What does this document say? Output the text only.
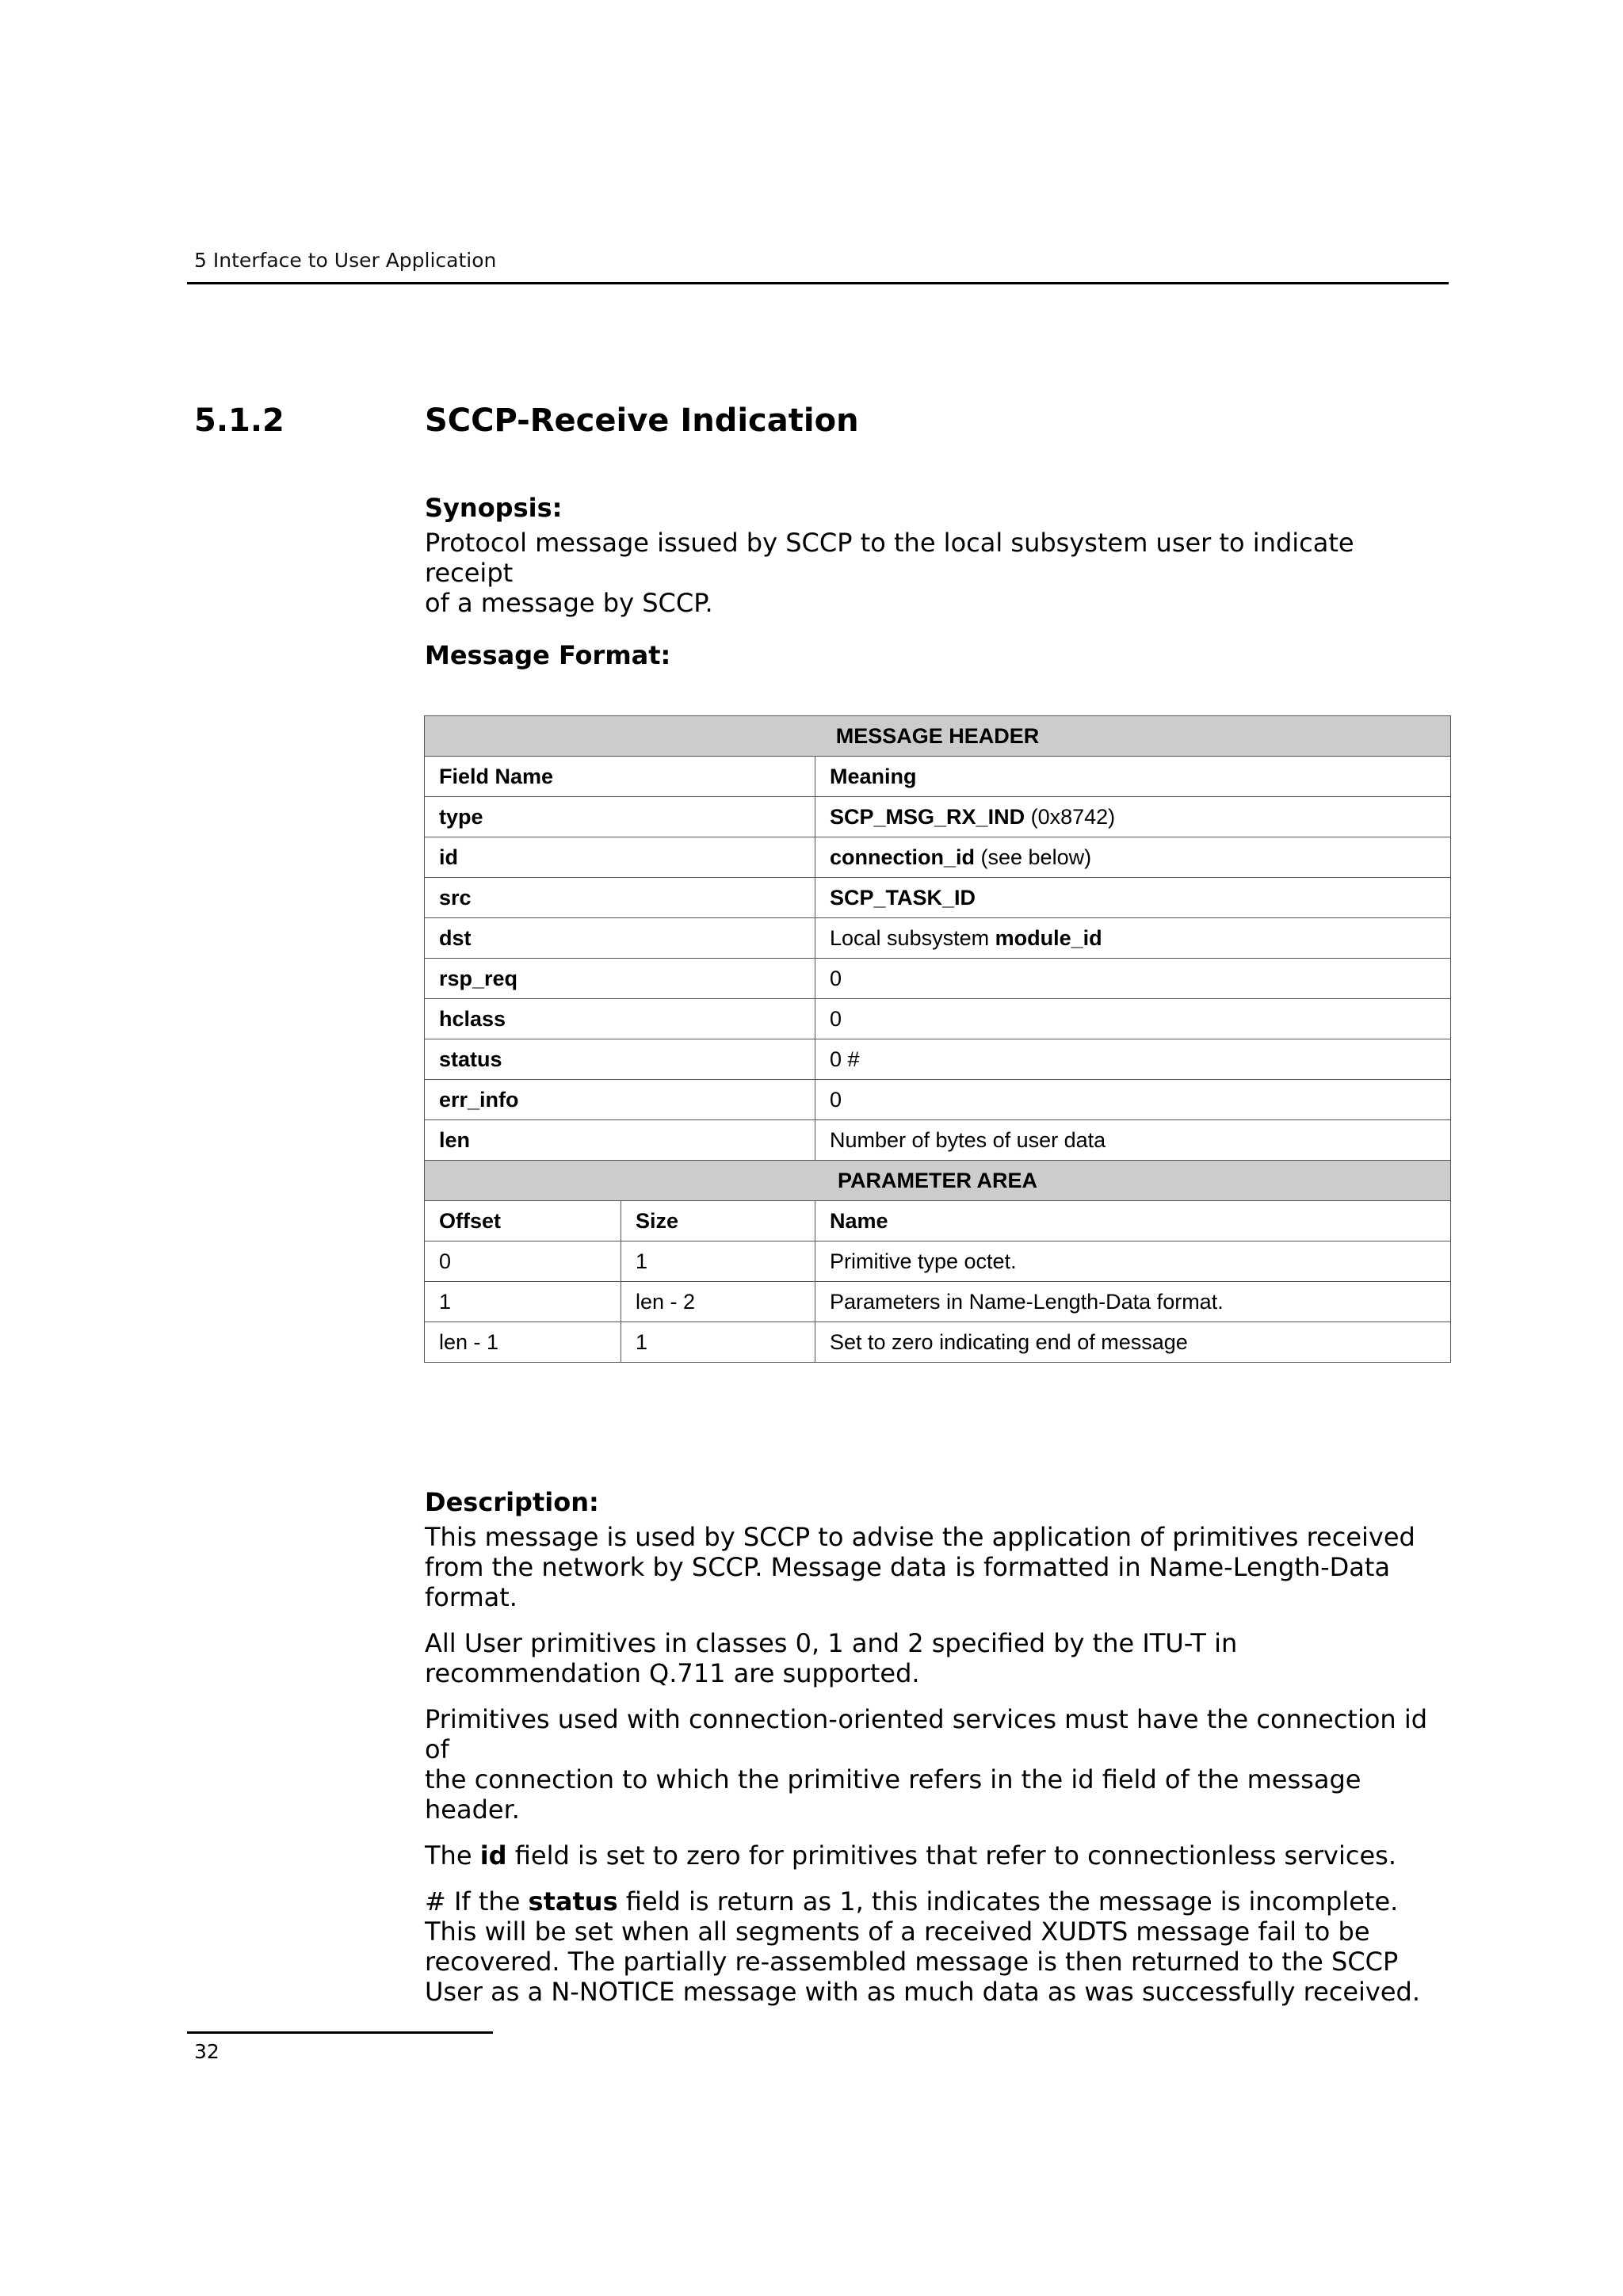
5 Interface to User Application
5.1.2	SCCP-Receive Indication

Synopsis:

Protocol message issued by SCCP to the local subsystem user to indicate receipt
of a message by SCCP.

Message Format:

MESSAGE HEADER		
Field Name		Meaning
type		SCP_MSG_RX_IND (0x8742)
id		connection_id (see below)
src		SCP_TASK_ID
dst		Local subsystem module_id
rsp_req		0
hclass		0
status		0 #
err_info		0
len		Number of bytes of user data
PARAMETER AREA		
Offset	Size	Name
0	1	Primitive type octet.
1	len - 2	Parameters in Name-Length-Data format.
len - 1	1	Set to zero indicating end of message

Description:

This message is used by SCCP to advise the application of primitives received
from the network by SCCP. Message data is formatted in Name-Length-Data
format.

All User primitives in classes 0, 1 and 2 specified by the ITU-T in
recommendation Q.711 are supported.

Primitives used with connection-oriented services must have the connection id of
the connection to which the primitive refers in the id field of the message
header.

The id field is set to zero for primitives that refer to connectionless services.

# If the status field is return as 1, this indicates the message is incomplete.
This will be set when all segments of a received XUDTS message fail to be
recovered. The partially re-assembled message is then returned to the SCCP
User as a N-NOTICE message with as much data as was successfully received.

32
